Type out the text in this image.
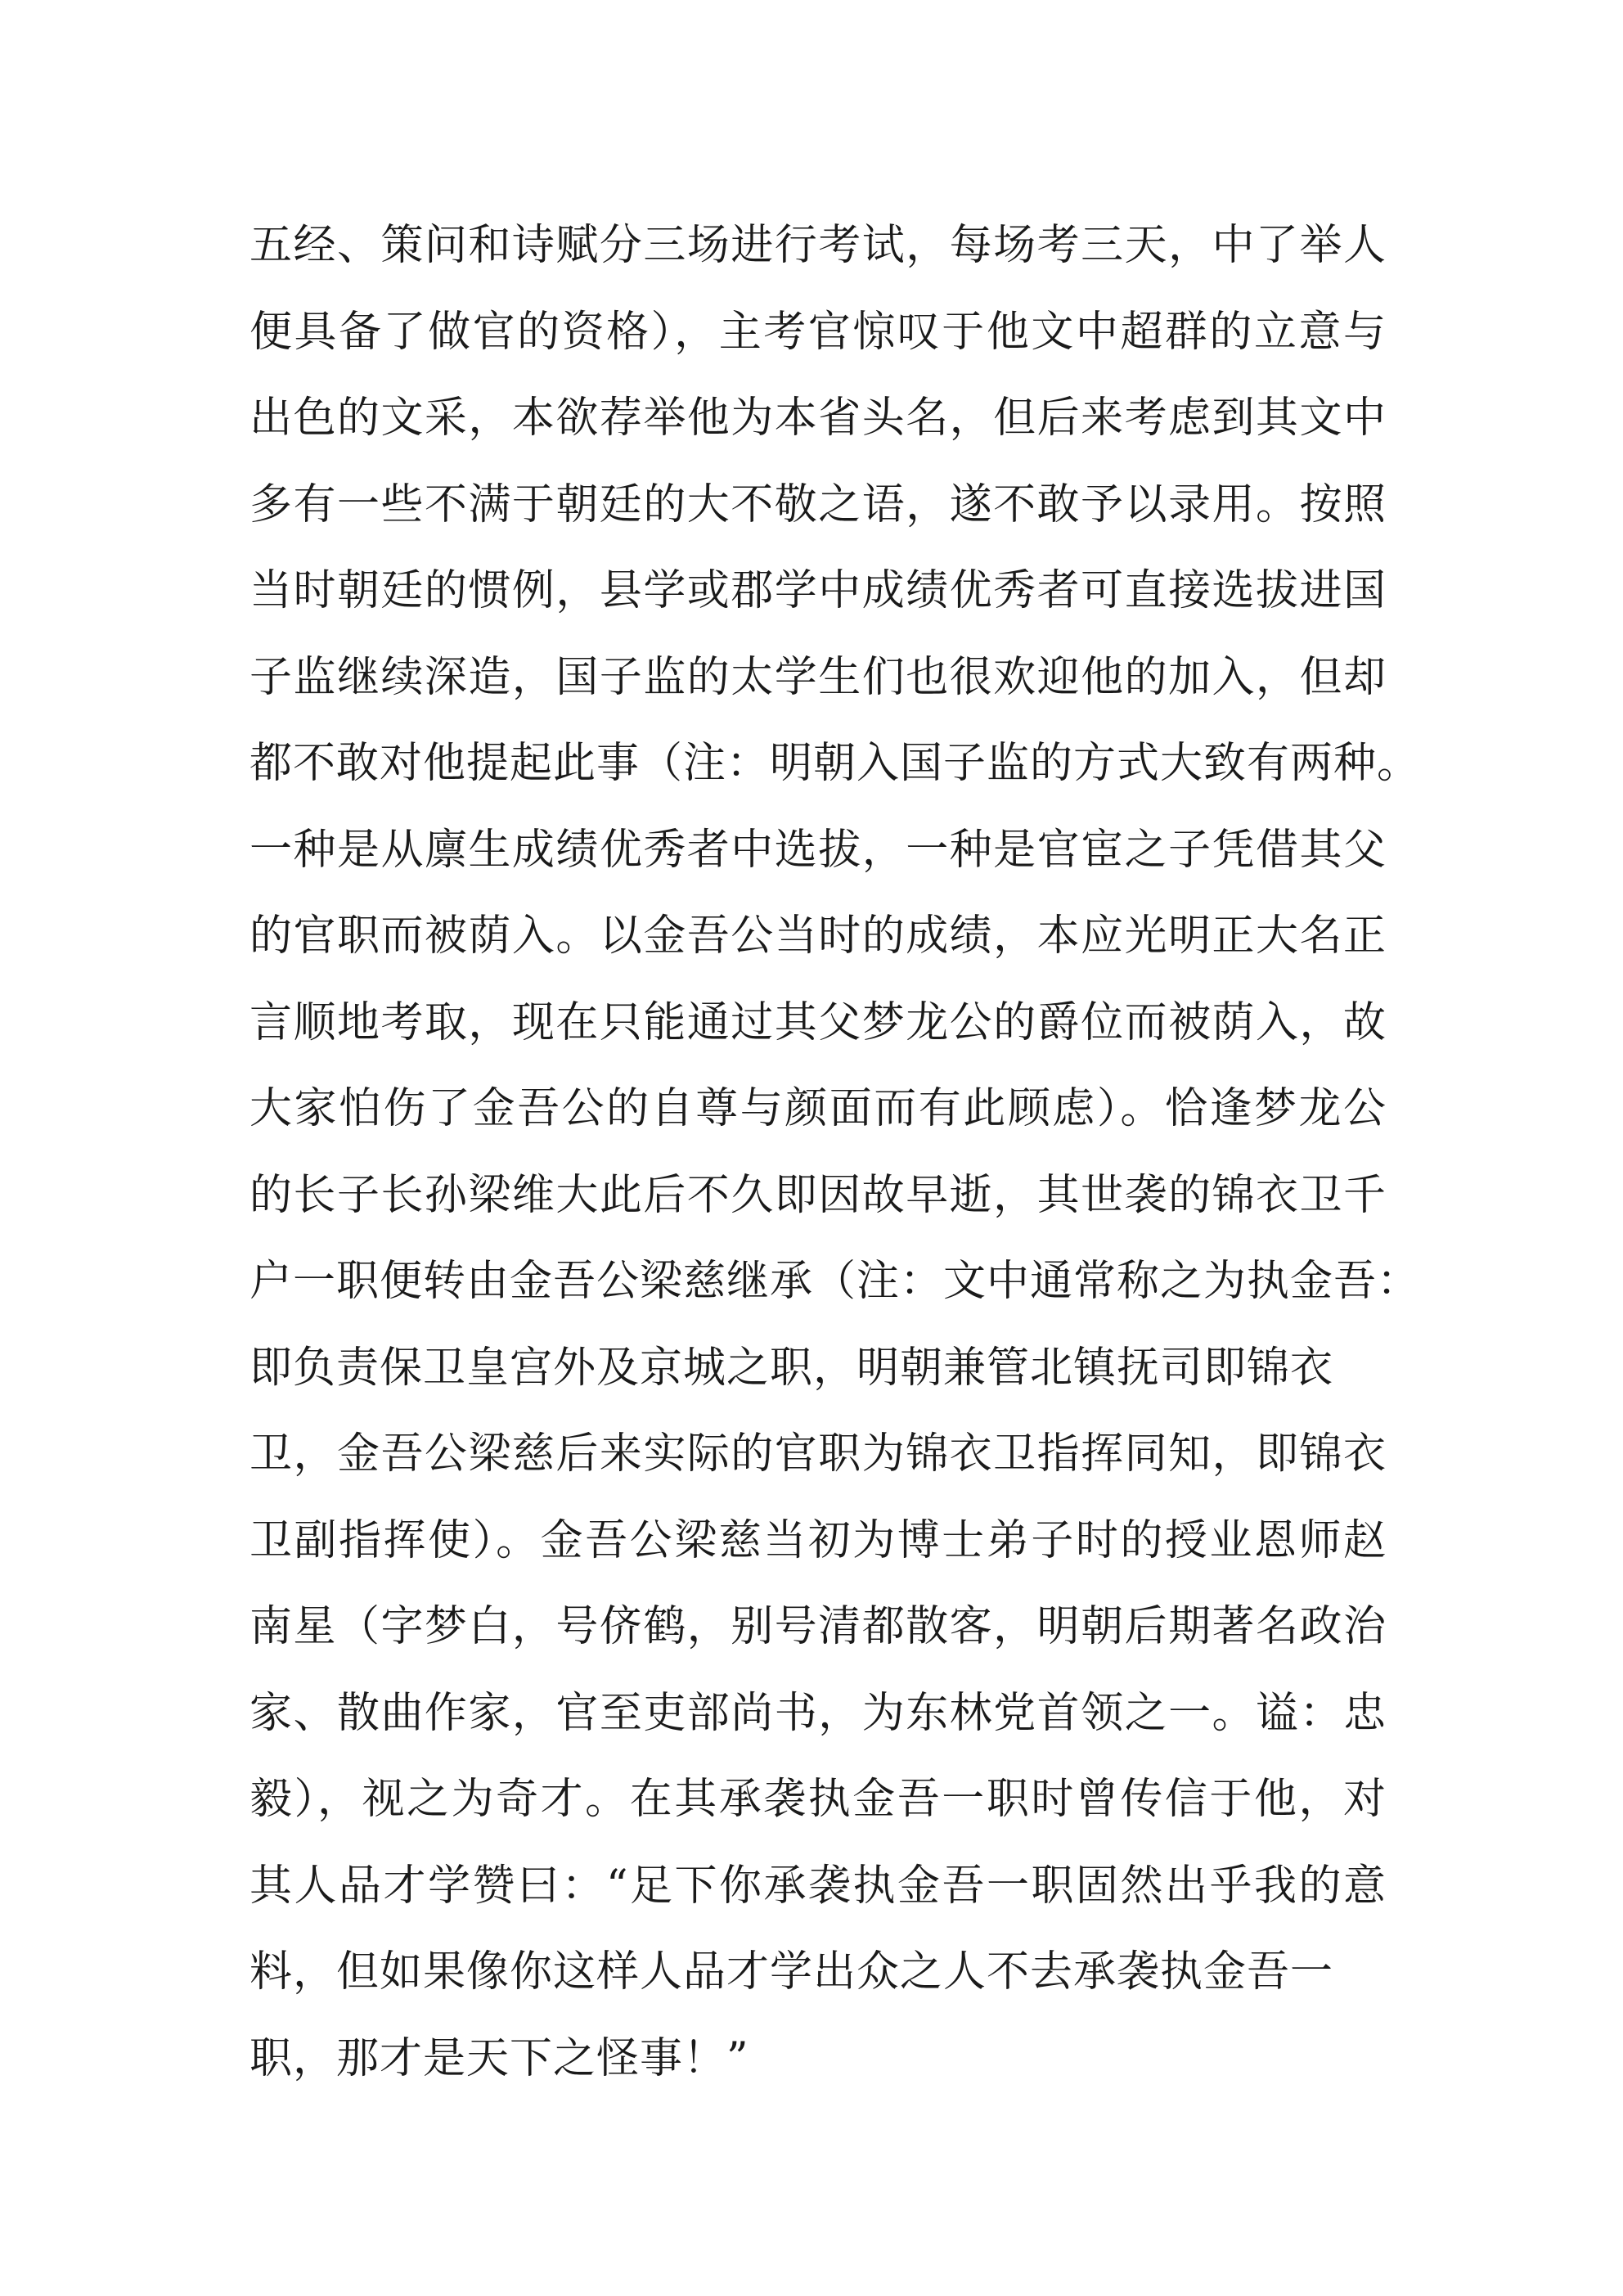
五经、策问和诗赋分三场进行考试，每场考三天，中了举人
便具备了做官的资格），主考官惊叹于他文中超群的立意与
出色的文采，本欲荐举他为本省头名，但后来考虑到其文中
多有一些不满于朝廷的大不敬之语，遂不敢予以录用。按照
当时朝廷的惯例，县学或郡学中成绩优秀者可直接选拔进国
子监继续深造，国子监的太学生们也很欢迎他的加入，但却
都不敢对他提起此事（注：明朝入国子监的方式大致有两种。
一种是从廪生成绩优秀者中选拔，一种是官宦之子凭借其父
的官职而被荫入。以金吾公当时的成绩，本应光明正大名正
言顺地考取，现在只能通过其父梦龙公的爵位而被荫入，故
大家怕伤了金吾公的自尊与颜面而有此顾虑）。恰逢梦龙公
的长子长孙梁维大此后不久即因故早逝，其世袭的锦衣卫千
户一职便转由金吾公梁慈继承（注：文中通常称之为执金吾：
即负责保卫皇宫外及京城之职，明朝兼管北镇抚司即锦衣
卫，金吾公梁慈后来实际的官职为锦衣卫指挥同知，即锦衣
卫副指挥使）。金吾公梁慈当初为博士弟子时的授业恩师赵
南星（字梦白，号侪鹤，别号清都散客，明朝后期著名政治
家、散曲作家，官至吏部尚书，为东林党首领之一。谥：忠
毅），视之为奇才。在其承袭执金吾一职时曾传信于他，对
其人品才学赞曰：“足下你承袭执金吾一职固然出乎我的意
料，但如果像你这样人品才学出众之人不去承袭执金吾一
职，那才是天下之怪事！”
